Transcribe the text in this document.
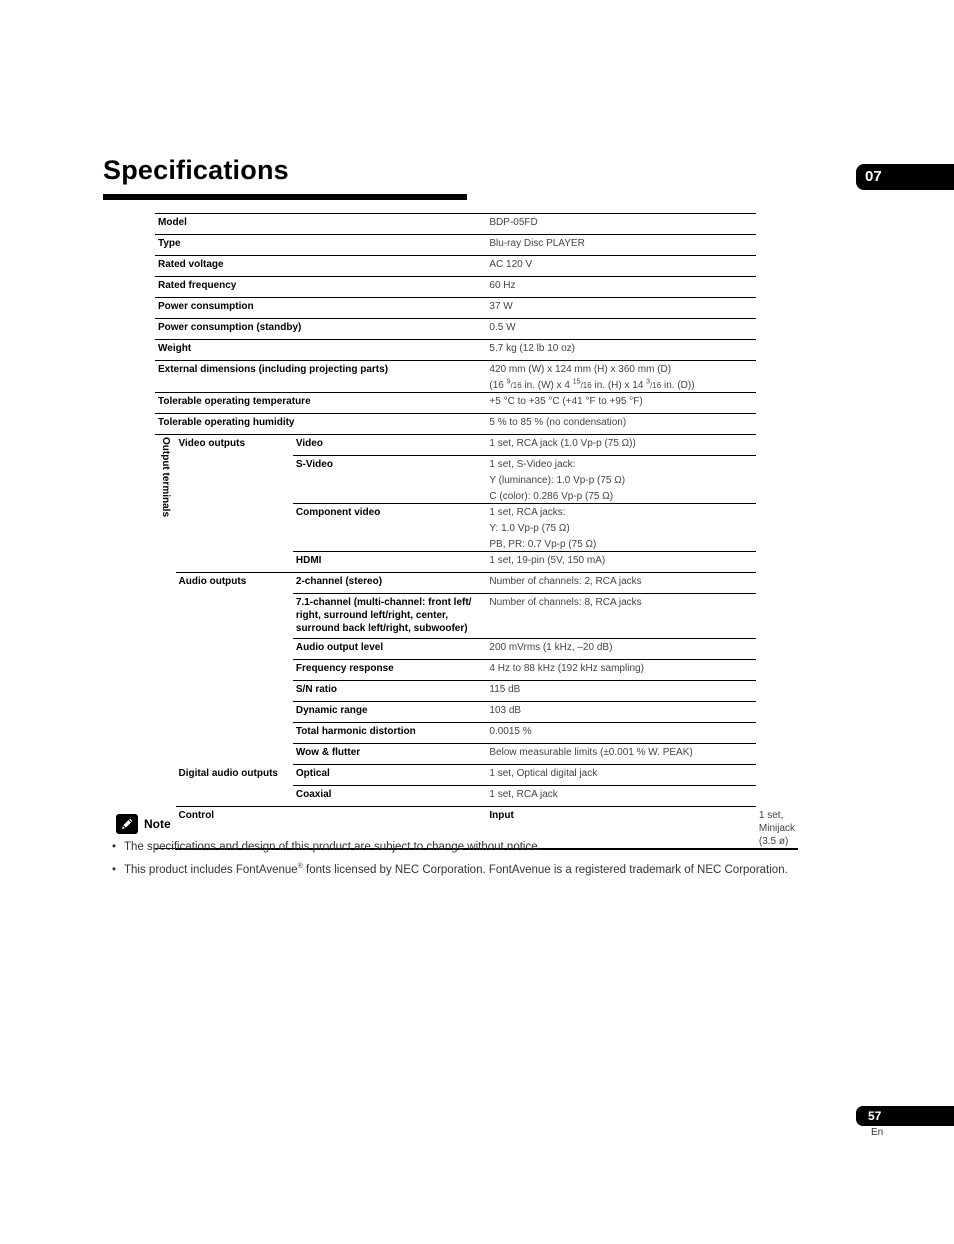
Specifications	07
Model			BDP-05FD	
Type			Blu-ray Disc PLAYER	
Rated voltage			AC 120 V	
Rated frequency			60 Hz	
Power consumption			37 W	
Power consumption (standby)			0.5 W	
Weight			5.7 kg (12 lb 10 oz)	
External dimensions (including projecting parts)			420 mm (W) x 124 mm (H) x 360 mm (D)
(16 $^9$/16 in. (W) x 4 $^{15}$/16 in. (H) x 14 $^3$/16 in. (D))	

Tolerable operating temperature			+5 °C to +35 °C (+41 °F to +95 °F)	
Tolerable operating humidity			5 % to 85 % (no condensation)	
Output terminals	Video outputs	Video	1 set, RCA jack (1.0 Vp-p (75 Ω))	
		S-Video	1 set, S-Video jack:
Y (luminance): 1.0 Vp-p (75 Ω)
C (color): 0.286 Vp-p (75 Ω)	

		Component video	1 set, RCA jacks:
Y: 1.0 Vp-p (75 Ω)
PB, PR: 0.7 Vp-p (75 Ω)	

		HDMI	1 set, 19-pin (5V, 150 mA)	
	Audio outputs	2-channel (stereo)	Number of channels: 2, RCA jacks	
		7.1-channel (multi-channel: front left/ right, surround left/right, center, surround back left/right, subwoofer)	Number of channels: 8, RCA jacks	
		Audio output level	200 mVrms (1 kHz, –20 dB)	
		Frequency response	4 Hz to 88 kHz (192 kHz sampling)	
		S/N ratio	115 dB	
		Dynamic range	103 dB	
		Total harmonic distortion	0.0015 %	
		Wow & flutter	Below measurable limits (±0.001 % W. PEAK)	
	Digital audio outputs	Optical	1 set, Optical digital jack	
		Coaxial	1 set, RCA jack	
	Control		Input	1 set, Minijack (3.5 ø)
Note
• The specifications and design of this product are subject to change without notice.
• This product includes FontAvenue® fonts licensed by NEC Corporation. FontAvenue is a registered trademark of NEC Corporation.
57
En
